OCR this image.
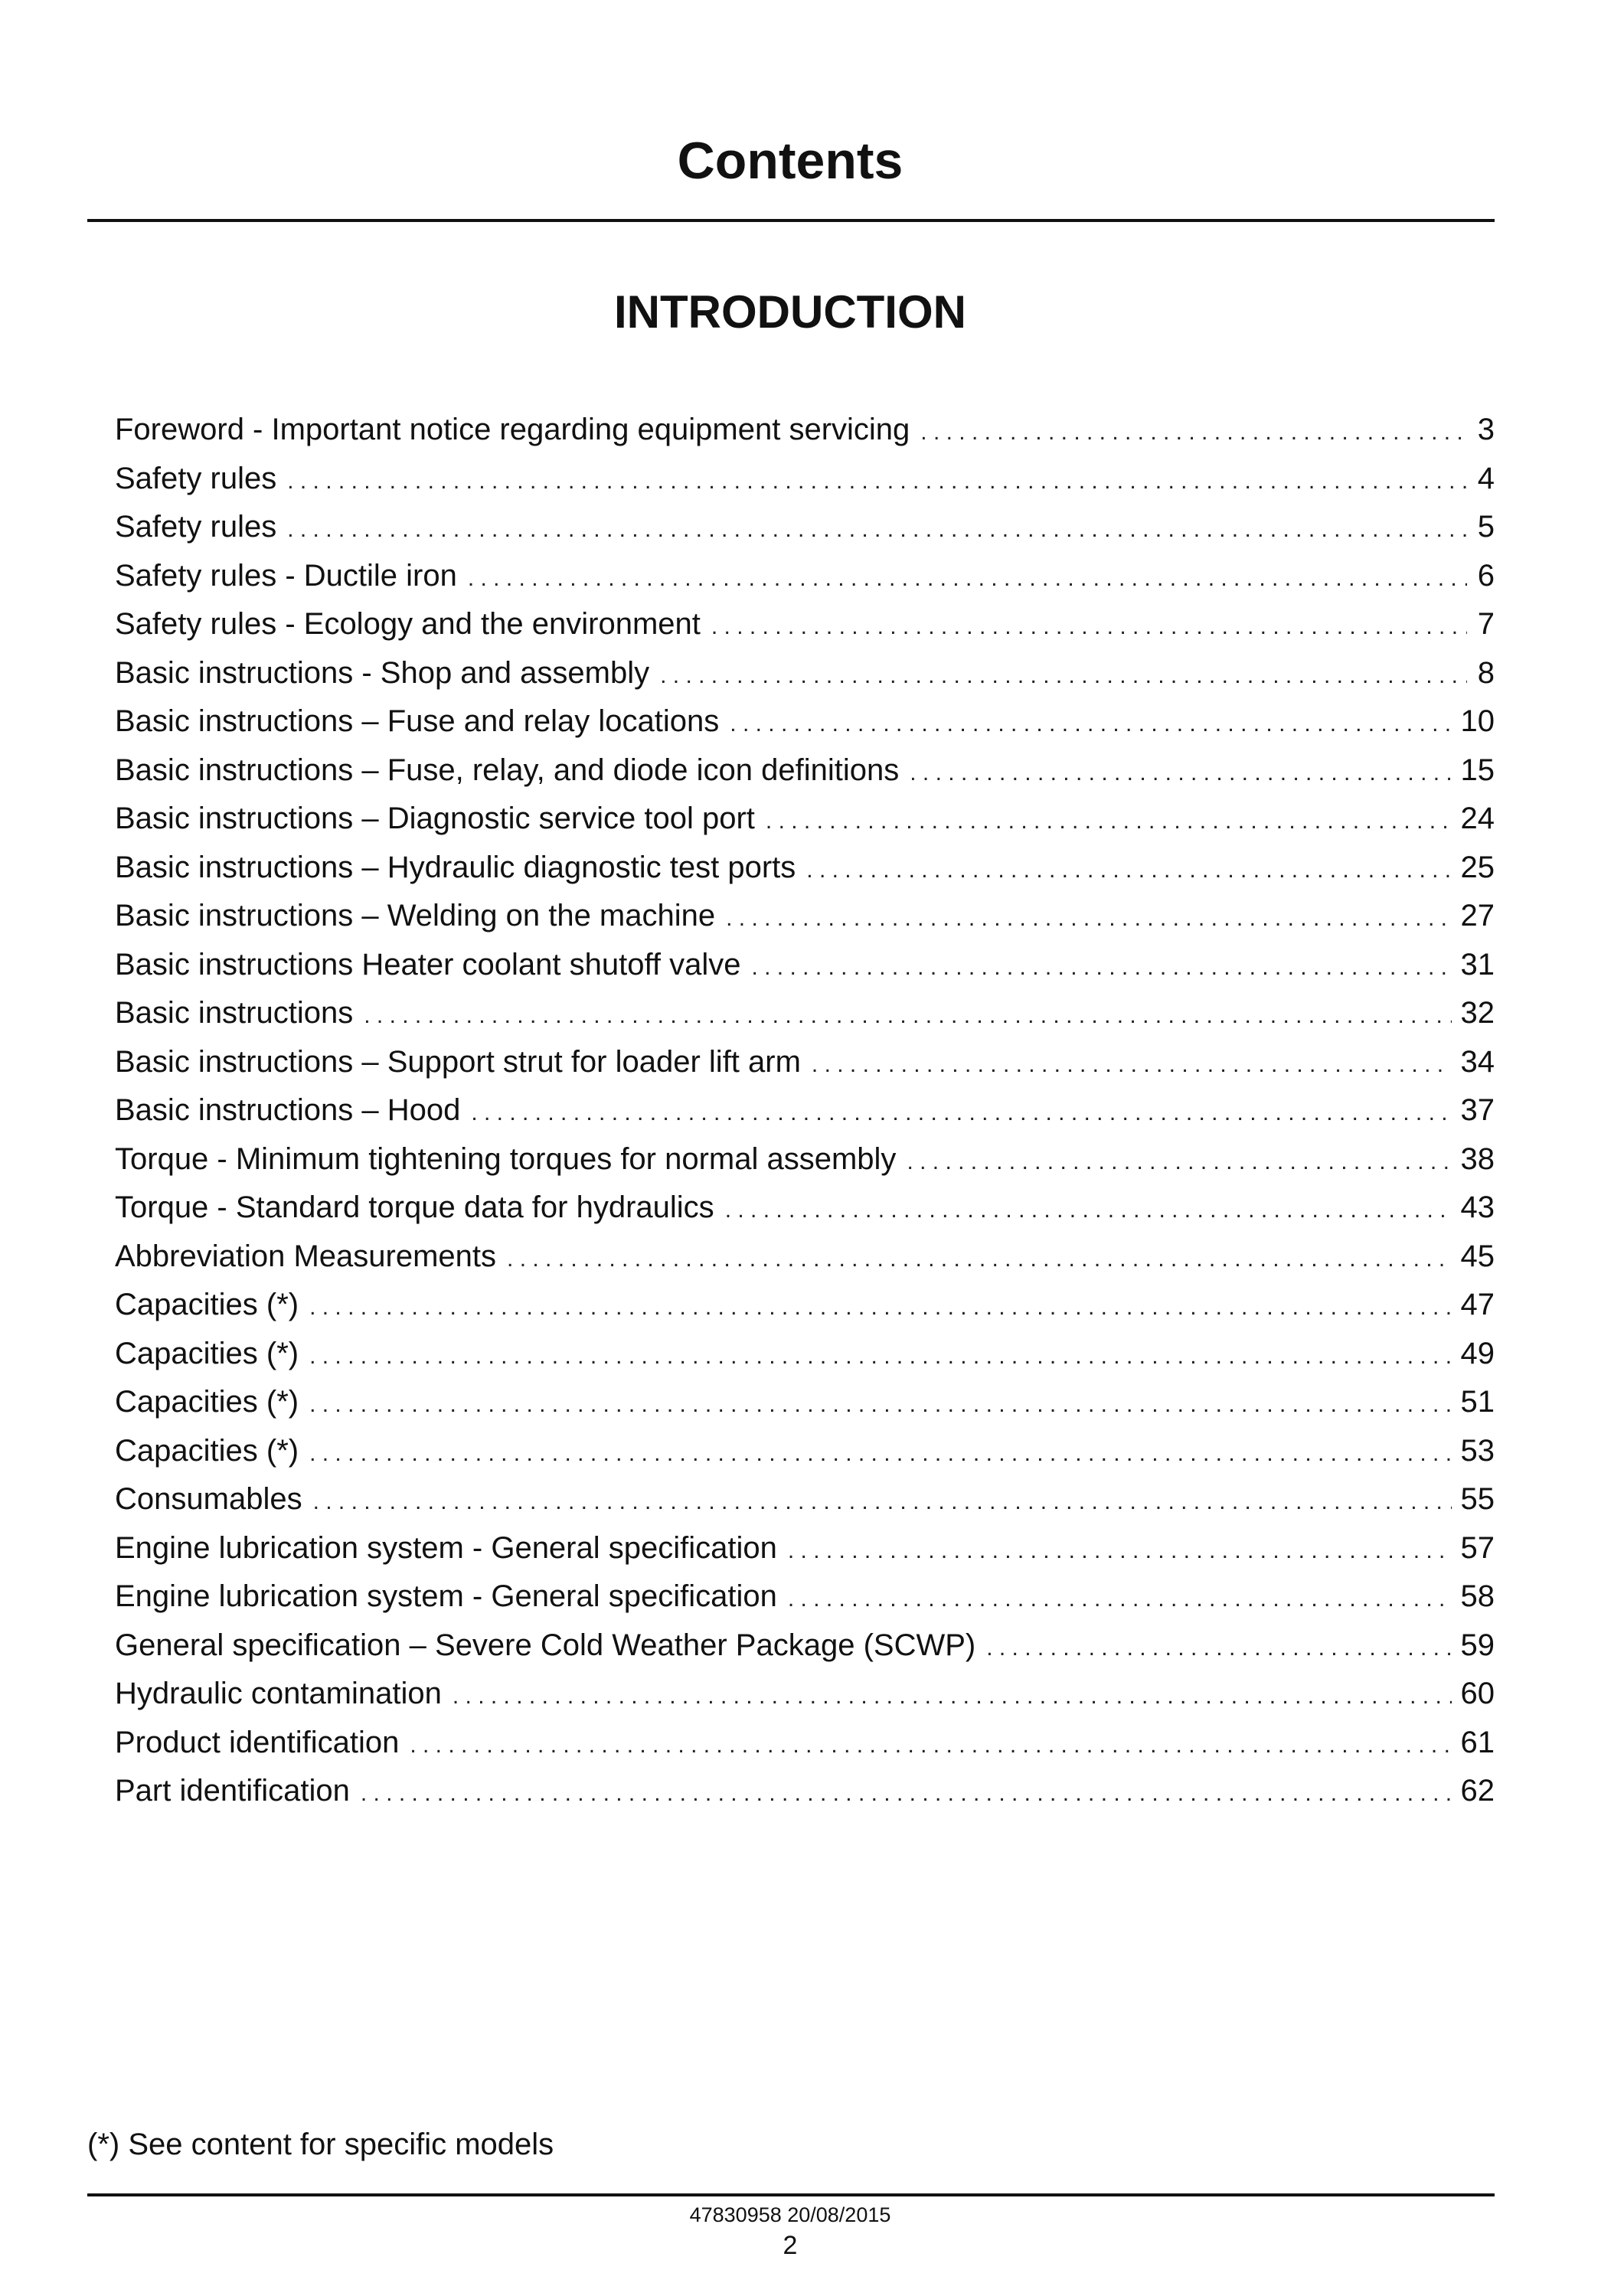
Contents
INTRODUCTION
Foreword - Important notice regarding equipment servicing . . .	3
Safety rules . . .	4
Safety rules . . .	5
Safety rules - Ductile iron . . .	6
Safety rules - Ecology and the environment . . .	7
Basic instructions - Shop and assembly . . .	8
Basic instructions – Fuse and relay locations . . .	10
Basic instructions – Fuse, relay, and diode icon definitions . . .	15
Basic instructions – Diagnostic service tool port . . .	24
Basic instructions – Hydraulic diagnostic test ports . . .	25
Basic instructions – Welding on the machine . . .	27
Basic instructions Heater coolant shutoff valve . . .	31
Basic instructions . . .	32
Basic instructions – Support strut for loader lift arm . . .	34
Basic instructions – Hood . . .	37
Torque - Minimum tightening torques for normal assembly . . .	38
Torque - Standard torque data for hydraulics . . .	43
Abbreviation Measurements . . .	45
Capacities (*) . . .	47
Capacities (*) . . .	49
Capacities (*) . . .	51
Capacities (*) . . .	53
Consumables . . .	55
Engine lubrication system - General specification . . .	57
Engine lubrication system - General specification . . .	58
General specification – Severe Cold Weather Package (SCWP) . . .	59
Hydraulic contamination . . .	60
Product identification . . .	61
Part identification . . .	62
(*) See content for specific models
47830958 20/08/2015
2
